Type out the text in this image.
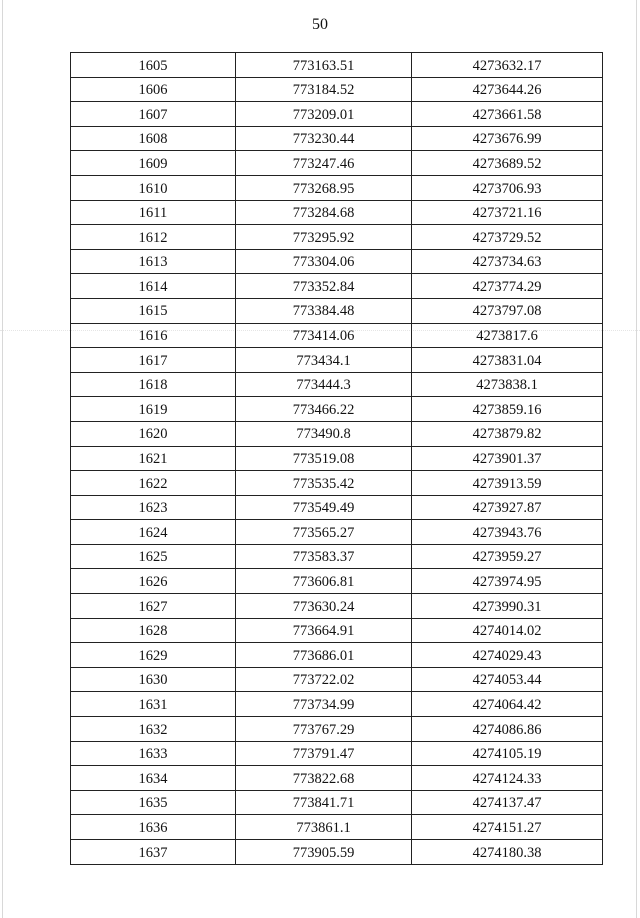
50
1605	773163.51	4273632.17
1606	773184.52	4273644.26
1607	773209.01	4273661.58
1608	773230.44	4273676.99
1609	773247.46	4273689.52
1610	773268.95	4273706.93
1611	773284.68	4273721.16
1612	773295.92	4273729.52
1613	773304.06	4273734.63
1614	773352.84	4273774.29
1615	773384.48	4273797.08
1616	773414.06	4273817.6
1617	773434.1	4273831.04
1618	773444.3	4273838.1
1619	773466.22	4273859.16
1620	773490.8	4273879.82
1621	773519.08	4273901.37
1622	773535.42	4273913.59
1623	773549.49	4273927.87
1624	773565.27	4273943.76
1625	773583.37	4273959.27
1626	773606.81	4273974.95
1627	773630.24	4273990.31
1628	773664.91	4274014.02
1629	773686.01	4274029.43
1630	773722.02	4274053.44
1631	773734.99	4274064.42
1632	773767.29	4274086.86
1633	773791.47	4274105.19
1634	773822.68	4274124.33
1635	773841.71	4274137.47
1636	773861.1	4274151.27
1637	773905.59	4274180.38
